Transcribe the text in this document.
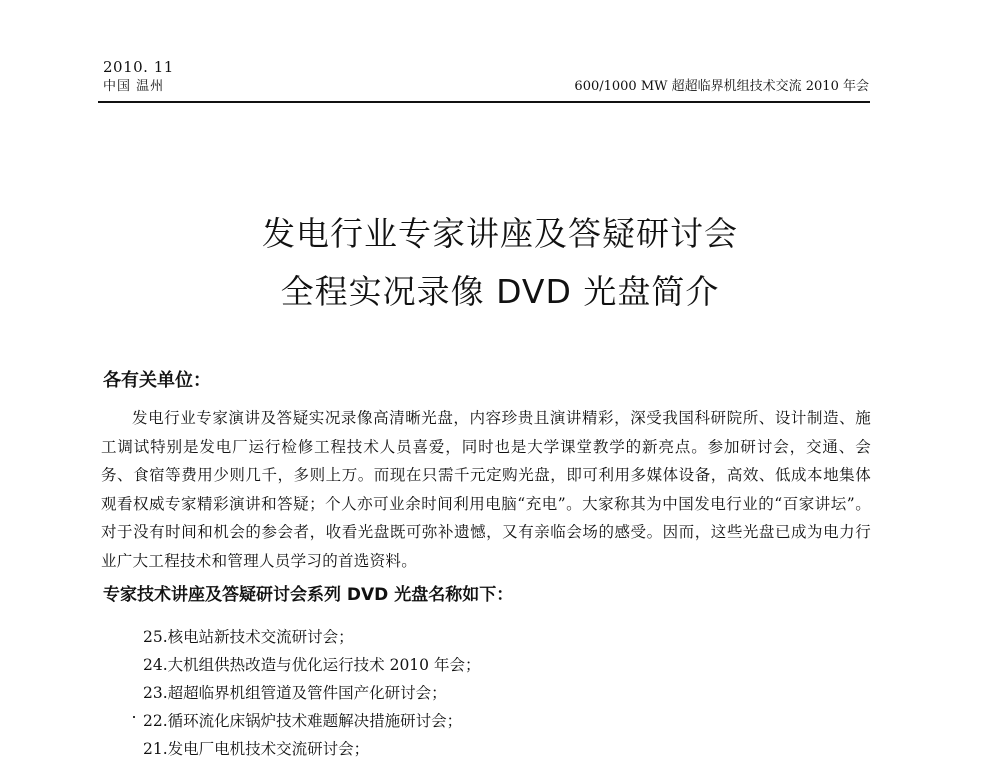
2010. 11
中国 温州	600/1000 MW 超超临界机组技术交流 2010 年会
发电行业专家讲座及答疑研讨会
全程实况录像 DVD 光盘简介
各有关单位：
发电行业专家演讲及答疑实况录像高清晰光盘，内容珍贵且演讲精彩，深受我国科研院所、设计制造、施工调试特别是发电厂运行检修工程技术人员喜爱，同时也是大学课堂教学的新亮点。参加研讨会，交通、会务、食宿等费用少则几千，多则上万。而现在只需千元定购光盘，即可利用多媒体设备，高效、低成本地集体观看权威专家精彩演讲和答疑；个人亦可业余时间利用电脑“充电”。大家称其为中国发电行业的“百家讲坛”。对于没有时间和机会的参会者，收看光盘既可弥补遗憾，又有亲临会场的感受。因而，这些光盘已成为电力行业广大工程技术和管理人员学习的首选资料。
专家技术讲座及答疑研讨会系列 DVD 光盘名称如下：
25.核电站新技术交流研讨会；
24.大机组供热改造与优化运行技术 2010 年会；
23.超超临界机组管道及管件国产化研讨会；
22.循环流化床锅炉技术难题解决措施研讨会；
21.发电厂电机技术交流研讨会；
